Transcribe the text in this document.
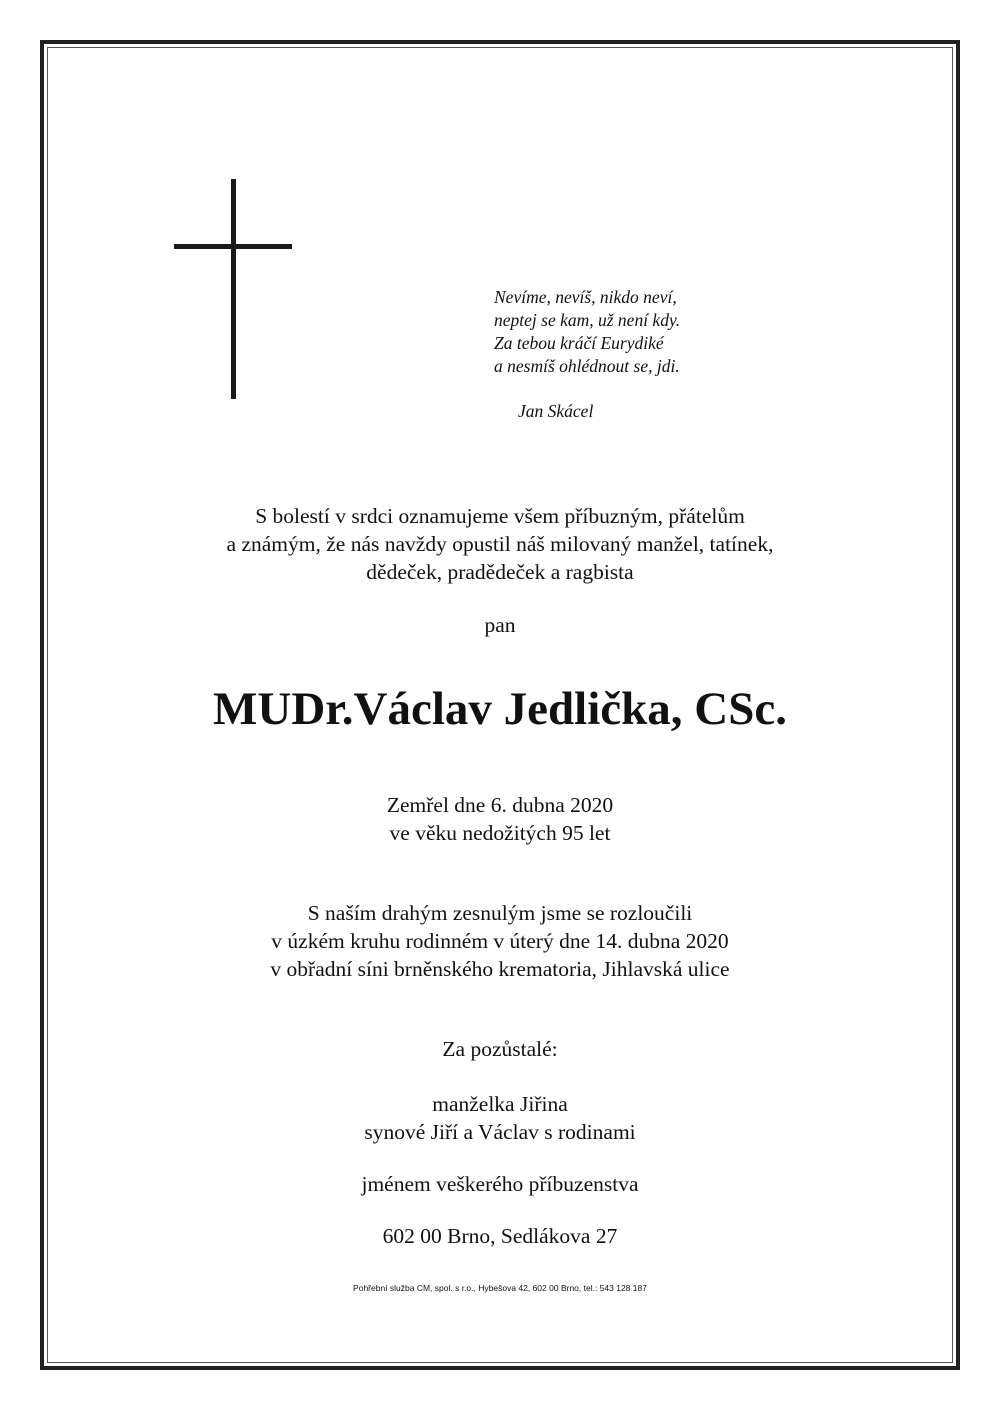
Nevíme, nevíš, nikdo neví,
neptej se kam, už není kdy.
Za tebou kráčí Eurydiké
a nesmíš ohlédnout se, jdi.
Jan Skácel
S bolestí v srdci oznamujeme všem příbuzným, přátelům
a známým, že nás navždy opustil náš milovaný manžel, tatínek,
dědeček, pradědeček a ragbista
pan
MUDr.Václav Jedlička, CSc.
Zemřel dne 6. dubna 2020
ve věku nedožitých 95 let
S naším drahým zesnulým jsme se rozloučili
v úzkém kruhu rodinném v úterý dne 14. dubna 2020
v obřadní síni brněnského krematoria, Jihlavská ulice
Za pozůstalé:
manželka Jiřina
synové Jiří a Václav s rodinami
jménem veškerého příbuzenstva
602 00 Brno, Sedlákova 27
Pohřební služba CM, spol. s r.o., Hybešova 42, 602 00 Brno, tel.: 543 128 187
